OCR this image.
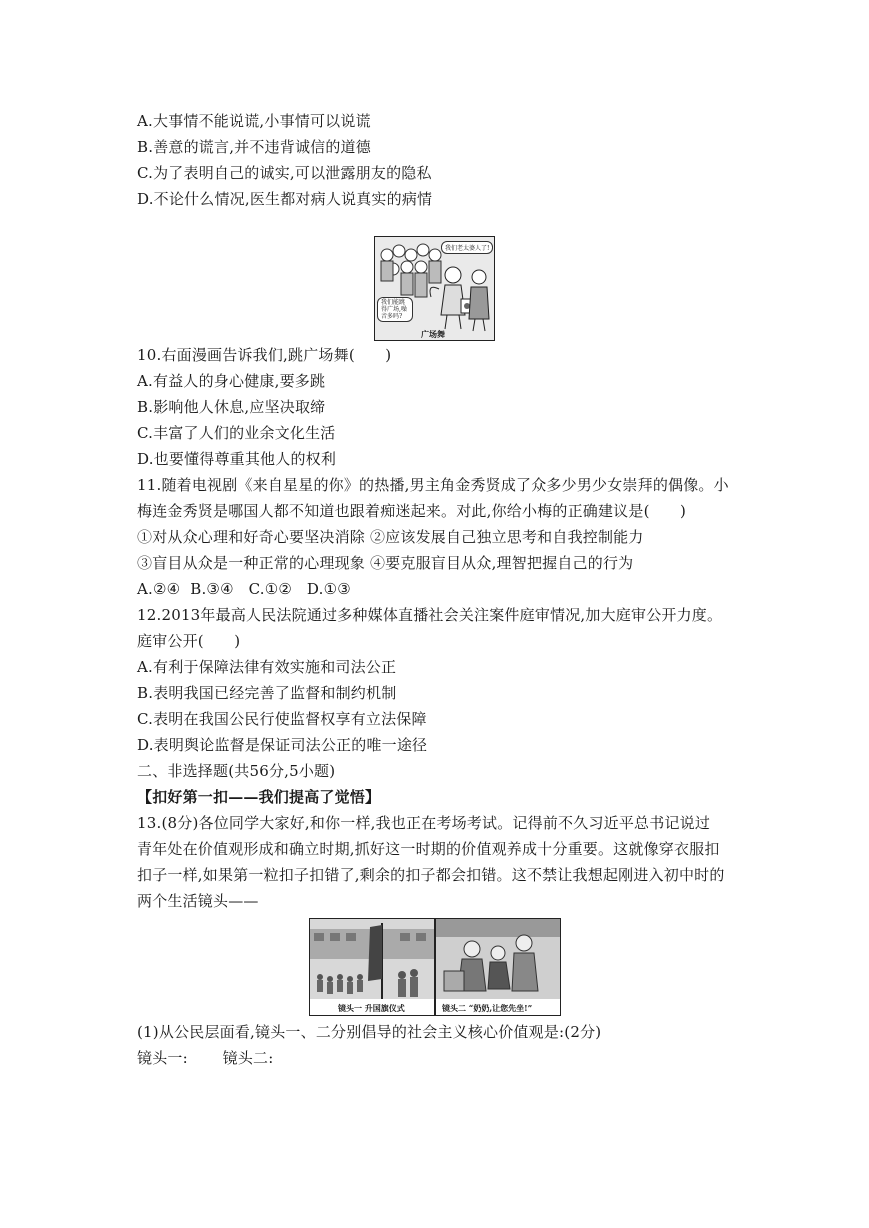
A.大事情不能说谎,小事情可以说谎
B.善意的谎言,并不违背诚信的道德
C.为了表明自己的诚实,可以泄露朋友的隐私
D.不论什么情况,医生都对病人说真实的病情
我们老太婆人了!
我们能跳得广场,噪音多吗?
广场舞
10.右面漫画告诉我们,跳广场舞(　　)
A.有益人的身心健康,要多跳
B.影响他人休息,应坚决取缔
C.丰富了人们的业余文化生活
D.也要懂得尊重其他人的权利
11.随着电视剧《来自星星的你》的热播,男主角金秀贤成了众多少男少女崇拜的偶像。小
梅连金秀贤是哪国人都不知道也跟着痴迷起来。对此,你给小梅的正确建议是(　　)
①对从众心理和好奇心要坚决消除 ②应该发展自己独立思考和自我控制能力
③盲目从众是一种正常的心理现象 ④要克服盲目从众,理智把握自己的行为
A.②④  B.③④   C.①②   D.①③
12.2013年最高人民法院通过多种媒体直播社会关注案件庭审情况,加大庭审公开力度。
庭审公开(　　)
A.有利于保障法律有效实施和司法公正
B.表明我国已经完善了监督和制约机制
C.表明在我国公民行使监督权享有立法保障
D.表明舆论监督是保证司法公正的唯一途径
二、非选择题(共56分,5小题)
【扣好第一扣——我们提高了觉悟】
13.(8分)各位同学大家好,和你一样,我也正在考场考试。记得前不久习近平总书记说过
青年处在价值观形成和确立时期,抓好这一时期的价值观养成十分重要。这就像穿衣服扣
扣子一样,如果第一粒扣子扣错了,剩余的扣子都会扣错。这不禁让我想起刚进入初中时的
两个生活镜头——
镜头一 升国旗仪式	镜头二 “奶奶,让您先坐!”
(1)从公民层面看,镜头一、二分别倡导的社会主义核心价值观是:(2分)
镜头一:       镜头二:
